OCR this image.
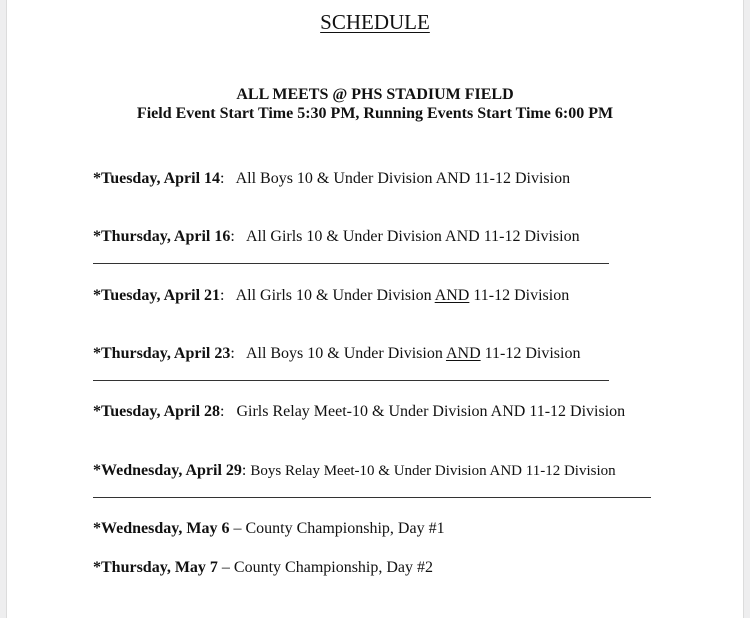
SCHEDULE
ALL MEETS @ PHS STADIUM FIELD
Field Event Start Time 5:30 PM, Running Events Start Time 6:00 PM
*Tuesday, April 14:   All Boys 10 & Under Division AND 11-12 Division
*Thursday, April 16:   All Girls 10 & Under Division AND 11-12 Division
*Tuesday, April 21:   All Girls 10 & Under Division AND 11-12 Division
*Thursday, April 23:   All Boys 10 & Under Division AND 11-12 Division
*Tuesday, April 28:   Girls Relay Meet-10 & Under Division AND 11-12 Division
*Wednesday, April 29: Boys Relay Meet-10 & Under Division AND 11-12 Division
*Wednesday, May 6 – County Championship, Day #1
*Thursday, May 7 – County Championship, Day #2
